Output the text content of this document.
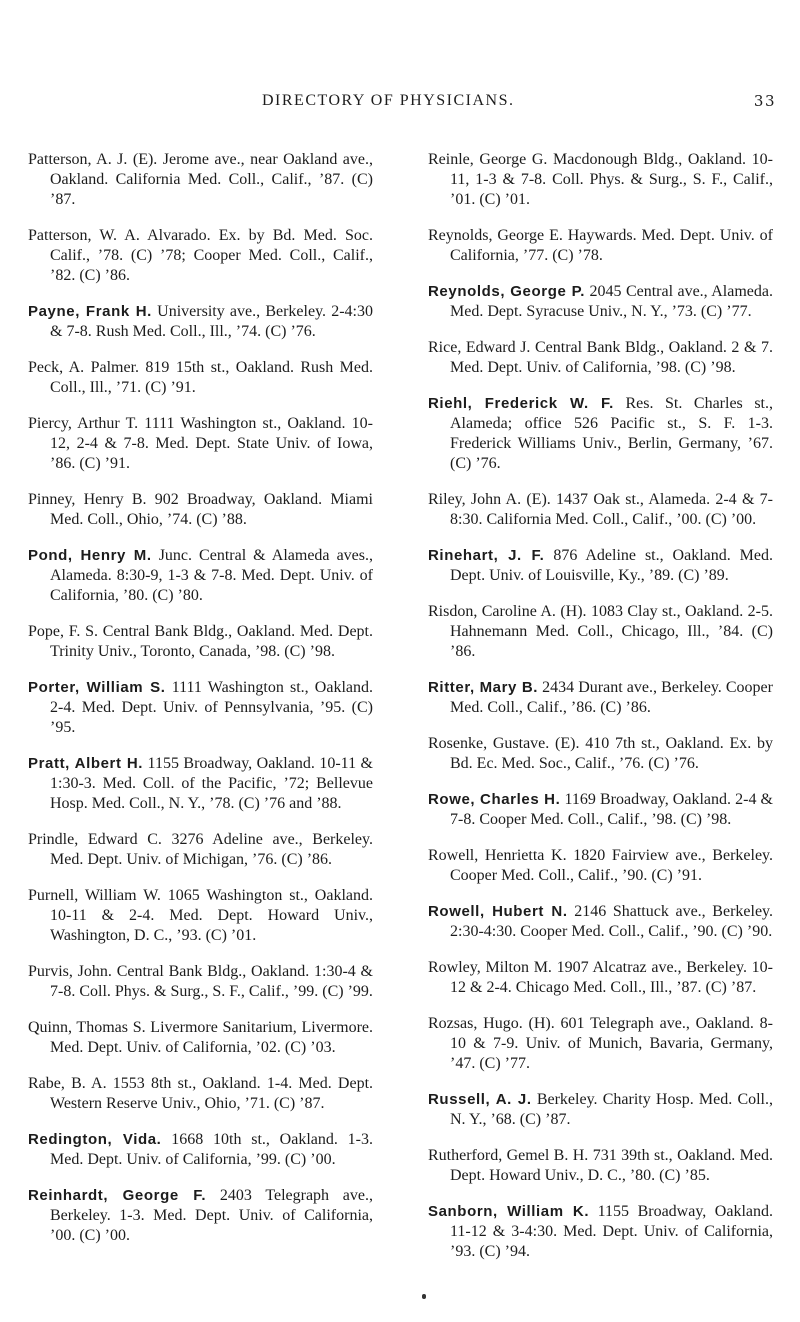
DIRECTORY OF PHYSICIANS.	33

Patterson, A. J. (E). Jerome ave., near Oakland ave., Oakland. California Med. Coll., Calif., ’87. (C) ’87.

Patterson, W. A. Alvarado. Ex. by Bd. Med. Soc. Calif., ’78. (C) ’78; Cooper Med. Coll., Calif., ’82. (C) ’86.

Payne, Frank H. University ave., Berkeley. 2-4:30 & 7-8. Rush Med. Coll., Ill., ’74. (C) ’76.

Peck, A. Palmer. 819 15th st., Oakland. Rush Med. Coll., Ill., ’71. (C) ’91.

Piercy, Arthur T. 1111 Washington st., Oakland. 10-12, 2-4 & 7-8. Med. Dept. State Univ. of Iowa, ’86. (C) ’91.

Pinney, Henry B. 902 Broadway, Oakland. Miami Med. Coll., Ohio, ’74. (C) ’88.

Pond, Henry M. Junc. Central & Alameda aves., Alameda. 8:30-9, 1-3 & 7-8. Med. Dept. Univ. of California, ’80. (C) ’80.

Pope, F. S. Central Bank Bldg., Oakland. Med. Dept. Trinity Univ., Toronto, Canada, ’98. (C) ’98.

Porter, William S. 1111 Washington st., Oakland. 2-4. Med. Dept. Univ. of Pennsylvania, ’95. (C) ’95.

Pratt, Albert H. 1155 Broadway, Oakland. 10-11 & 1:30-3. Med. Coll. of the Pacific, ’72; Bellevue Hosp. Med. Coll., N. Y., ’78. (C) ’76 and ’88.

Prindle, Edward C. 3276 Adeline ave., Berkeley. Med. Dept. Univ. of Michigan, ’76. (C) ’86.

Purnell, William W. 1065 Washington st., Oakland. 10-11 & 2-4. Med. Dept. Howard Univ., Washington, D. C., ’93. (C) ’01.

Purvis, John. Central Bank Bldg., Oakland. 1:30-4 & 7-8. Coll. Phys. & Surg., S. F., Calif., ’99. (C) ’99.

Quinn, Thomas S. Livermore Sanitarium, Livermore. Med. Dept. Univ. of California, ’02. (C) ’03.

Rabe, B. A. 1553 8th st., Oakland. 1-4. Med. Dept. Western Reserve Univ., Ohio, ’71. (C) ’87.

Redington, Vida. 1668 10th st., Oakland. 1-3. Med. Dept. Univ. of California, ’99. (C) ’00.

Reinhardt, George F. 2403 Telegraph ave., Berkeley. 1-3. Med. Dept. Univ. of California, ’00. (C) ’00.

Reinle, George G. Macdonough Bldg., Oakland. 10-11, 1-3 & 7-8. Coll. Phys. & Surg., S. F., Calif., ’01. (C) ’01.

Reynolds, George E. Haywards. Med. Dept. Univ. of California, ’77. (C) ’78.

Reynolds, George P. 2045 Central ave., Alameda. Med. Dept. Syracuse Univ., N. Y., ’73. (C) ’77.

Rice, Edward J. Central Bank Bldg., Oakland. 2 & 7. Med. Dept. Univ. of California, ’98. (C) ’98.

Riehl, Frederick W. F. Res. St. Charles st., Alameda; office 526 Pacific st., S. F. 1-3. Frederick Williams Univ., Berlin, Germany, ’67. (C) ’76.

Riley, John A. (E). 1437 Oak st., Alameda. 2-4 & 7-8:30. California Med. Coll., Calif., ’00. (C) ’00.

Rinehart, J. F. 876 Adeline st., Oakland. Med. Dept. Univ. of Louisville, Ky., ’89. (C) ’89.

Risdon, Caroline A. (H). 1083 Clay st., Oakland. 2-5. Hahnemann Med. Coll., Chicago, Ill., ’84. (C) ’86.

Ritter, Mary B. 2434 Durant ave., Berkeley. Cooper Med. Coll., Calif., ’86. (C) ’86.

Rosenke, Gustave. (E). 410 7th st., Oakland. Ex. by Bd. Ec. Med. Soc., Calif., ’76. (C) ’76.

Rowe, Charles H. 1169 Broadway, Oakland. 2-4 & 7-8. Cooper Med. Coll., Calif., ’98. (C) ’98.

Rowell, Henrietta K. 1820 Fairview ave., Berkeley. Cooper Med. Coll., Calif., ’90. (C) ’91.

Rowell, Hubert N. 2146 Shattuck ave., Berkeley. 2:30-4:30. Cooper Med. Coll., Calif., ’90. (C) ’90.

Rowley, Milton M. 1907 Alcatraz ave., Berkeley. 10-12 & 2-4. Chicago Med. Coll., Ill., ’87. (C) ’87.

Rozsas, Hugo. (H). 601 Telegraph ave., Oakland. 8-10 & 7-9. Univ. of Munich, Bavaria, Germany, ’47. (C) ’77.

Russell, A. J. Berkeley. Charity Hosp. Med. Coll., N. Y., ’68. (C) ’87.

Rutherford, Gemel B. H. 731 39th st., Oakland. Med. Dept. Howard Univ., D. C., ’80. (C) ’85.

Sanborn, William K. 1155 Broadway, Oakland. 11-12 & 3-4:30. Med. Dept. Univ. of California, ’93. (C) ’94.
